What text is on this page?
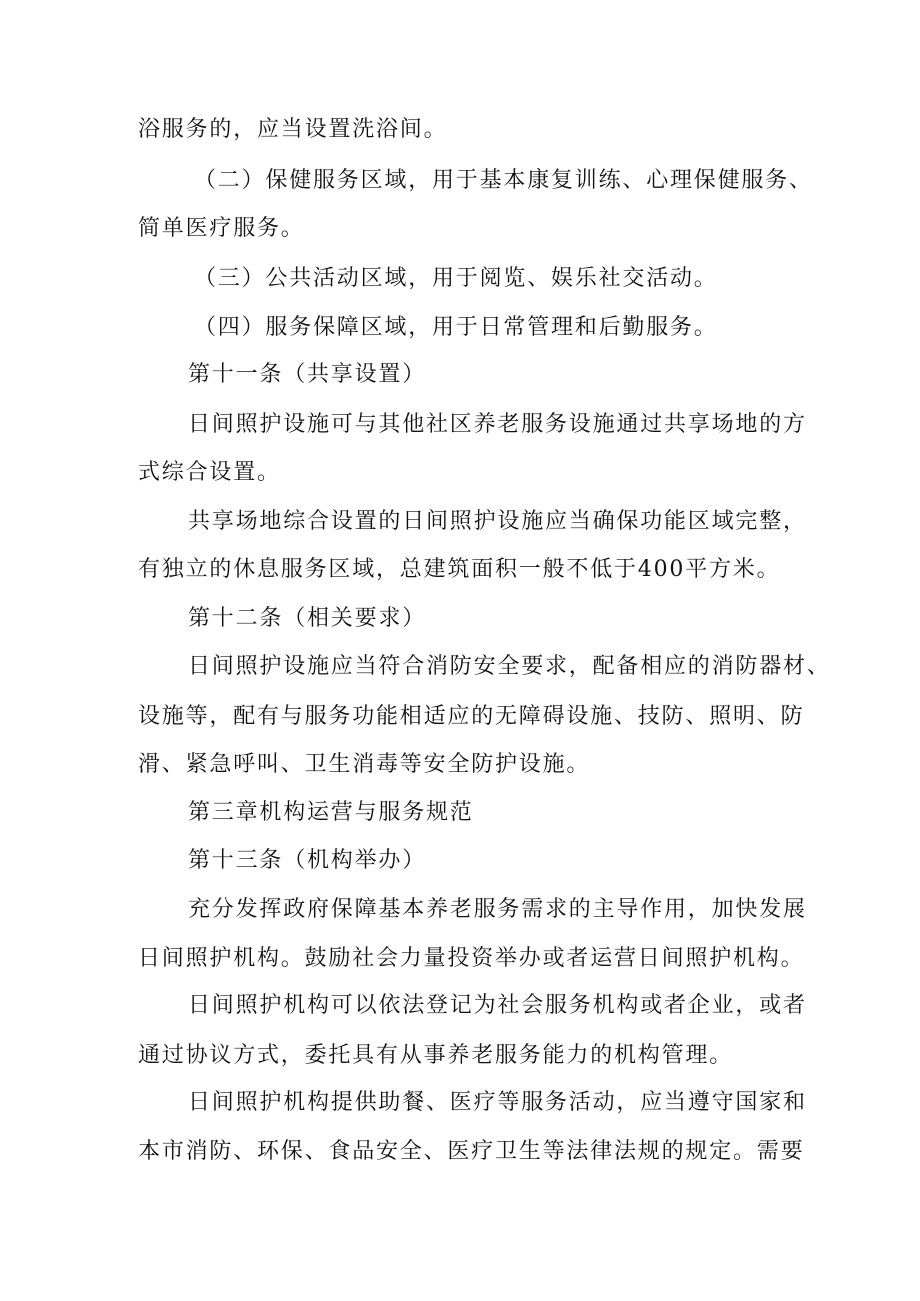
浴服务的，应当设置洗浴间。
（二）保健服务区域，用于基本康复训练、心理保健服务、
简单医疗服务。
（三）公共活动区域，用于阅览、娱乐社交活动。
（四）服务保障区域，用于日常管理和后勤服务。
第十一条（共享设置）
日间照护设施可与其他社区养老服务设施通过共享场地的方
式综合设置。
共享场地综合设置的日间照护设施应当确保功能区域完整，
有独立的休息服务区域，总建筑面积一般不低于400平方米。
第十二条（相关要求）
日间照护设施应当符合消防安全要求，配备相应的消防器材、
设施等，配有与服务功能相适应的无障碍设施、技防、照明、防
滑、紧急呼叫、卫生消毒等安全防护设施。
第三章机构运营与服务规范
第十三条（机构举办）
充分发挥政府保障基本养老服务需求的主导作用，加快发展
日间照护机构。鼓励社会力量投资举办或者运营日间照护机构。
日间照护机构可以依法登记为社会服务机构或者企业，或者
通过协议方式，委托具有从事养老服务能力的机构管理。
日间照护机构提供助餐、医疗等服务活动，应当遵守国家和
本市消防、环保、食品安全、医疗卫生等法律法规的规定。需要
